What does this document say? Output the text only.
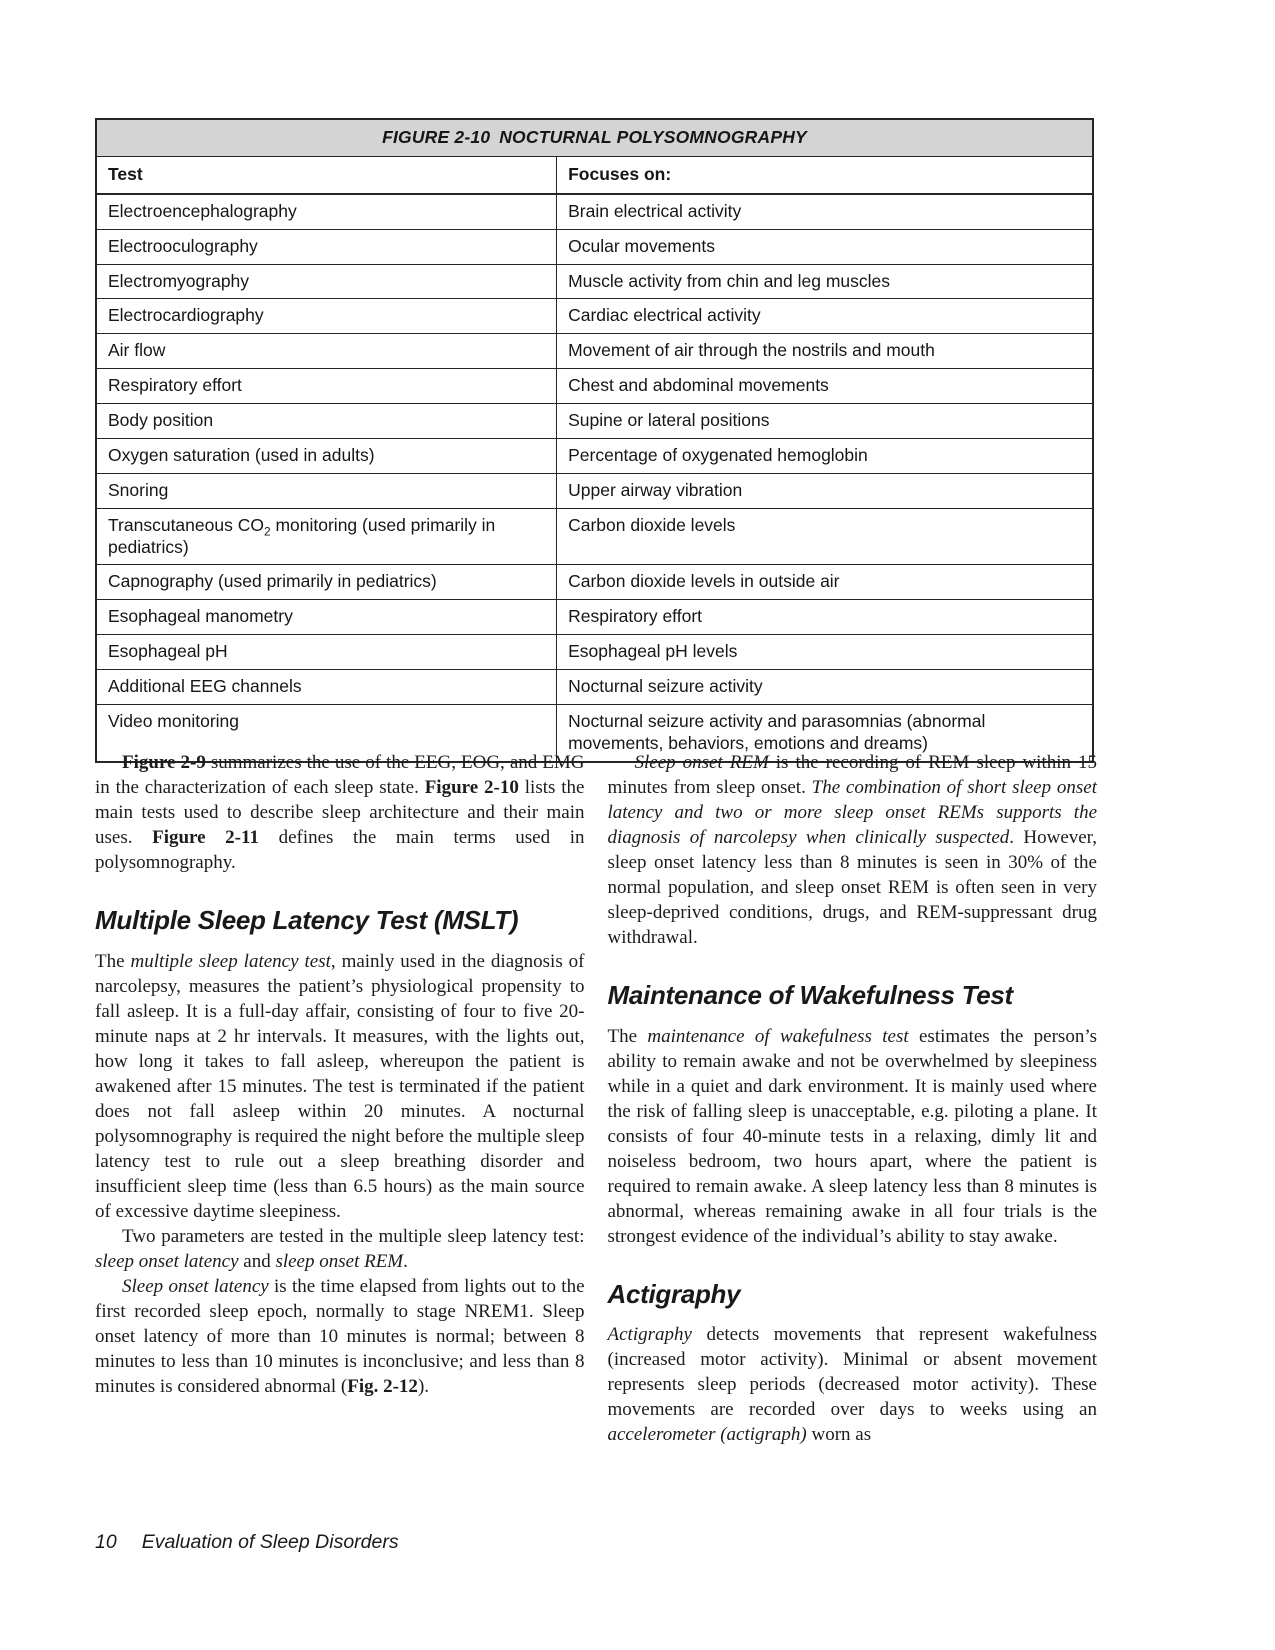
FIGURE 2-10 NOCTURNAL POLYSOMNOGRAPHY	
Test	Focuses on:
Electroencephalography	Brain electrical activity
Electrooculography	Ocular movements
Electromyography	Muscle activity from chin and leg muscles
Electrocardiography	Cardiac electrical activity
Air flow	Movement of air through the nostrils and mouth
Respiratory effort	Chest and abdominal movements
Body position	Supine or lateral positions
Oxygen saturation (used in adults)	Percentage of oxygenated hemoglobin
Snoring	Upper airway vibration
Transcutaneous $CO_2$ monitoring (used primarily in pediatrics)	Carbon dioxide levels
Capnography (used primarily in pediatrics)	Carbon dioxide levels in outside air
Esophageal manometry	Respiratory effort
Esophageal pH	Esophageal pH levels
Additional EEG channels	Nocturnal seizure activity
Video monitoring	Nocturnal seizure activity and parasomnias (abnormal movements, behaviors, emotions and dreams)

Figure 2-9 summarizes the use of the EEG, EOG, and EMG in the characterization of each sleep state. Figure 2-10 lists the main tests used to describe sleep architecture and their main uses. Figure 2-11 defines the main terms used in polysomnography.

Multiple Sleep Latency Test (MSLT)

The multiple sleep latency test, mainly used in the diagnosis of narcolepsy, measures the patient’s physiological propensity to fall asleep. It is a full-day affair, consisting of four to five 20-minute naps at 2 hr intervals. It measures, with the lights out, how long it takes to fall asleep, whereupon the patient is awakened after 15 minutes. The test is terminated if the patient does not fall asleep within 20 minutes. A nocturnal polysomnography is required the night before the multiple sleep latency test to rule out a sleep breathing disorder and insufficient sleep time (less than 6.5 hours) as the main source of excessive daytime sleepiness.

Two parameters are tested in the multiple sleep latency test: sleep onset latency and sleep onset REM.

Sleep onset latency is the time elapsed from lights out to the first recorded sleep epoch, normally to stage NREM1. Sleep onset latency of more than 10 minutes is normal; between 8 minutes to less than 10 minutes is inconclusive; and less than 8 minutes is considered abnormal (Fig. 2-12).

Sleep onset REM is the recording of REM sleep within 15 minutes from sleep onset. The combination of short sleep onset latency and two or more sleep onset REMs supports the diagnosis of narcolepsy when clinically suspected. However, sleep onset latency less than 8 minutes is seen in 30% of the normal population, and sleep onset REM is often seen in very sleep-deprived conditions, drugs, and REM-suppressant drug withdrawal.

Maintenance of Wakefulness Test

The maintenance of wakefulness test estimates the person’s ability to remain awake and not be overwhelmed by sleepiness while in a quiet and dark environment. It is mainly used where the risk of falling sleep is unacceptable, e.g. piloting a plane. It consists of four 40-minute tests in a relaxing, dimly lit and noiseless bedroom, two hours apart, where the patient is required to remain awake. A sleep latency less than 8 minutes is abnormal, whereas remaining awake in all four trials is the strongest evidence of the individual’s ability to stay awake.

Actigraphy

Actigraphy detects movements that represent wakefulness (increased motor activity). Minimal or absent movement represents sleep periods (decreased motor activity). These movements are recorded over days to weeks using an accelerometer (actigraph) worn as

10 Evaluation of Sleep Disorders
